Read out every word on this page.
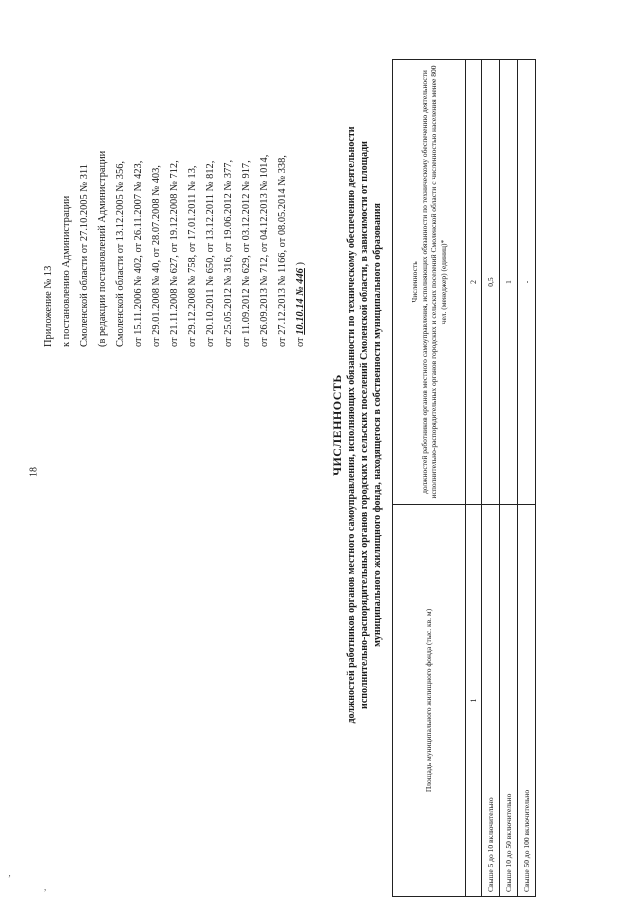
18
‚
,
Приложение № 13 к постановлению Администрации Смоленской области от 27.10.2005 № 311 (в редакции постановлений Администрации Смоленской области от 13.12.2005 № 356, от 15.11.2006 № 402, от 26.11.2007 № 423, от 29.01.2008 № 40, от 28.07.2008 № 403, от 21.11.2008 № 627, от 19.12.2008 № 712, от 29.12.2008 № 758, от 17.01.2011 № 13, от 20.10.2011 № 650, от 13.12.2011 № 812, от 25.05.2012 № 316, от 19.06.2012 № 377, от 11.09.2012 № 629, от 03.12.2012 № 917, от 26.09.2013 № 712, от 04.12.2013 № 1014, от 27.12.2013 № 1166, от 08.05.2014 № 338, от 10.10.14 № 446 )
ЧИСЛЕННОСТЬ должностей работников органов местного самоуправления, исполняющих обязанности по техническому обеспечению деятельности исполнительно-распорядительных органов городских и сельских поселений Смоленской области, в зависимости от площади муниципального жилищного фонда, находящегося в собственности муниципального образования
Площадь муниципального жилищного фонда (тыс. кв. м)	Численность должностей работников органов местного самоуправления, исполняющих обязанности по техническому обеспечению деятельности исполнительно-распорядительных органов городских и сельских поселений Смоленской области с численностью населения менее 800 чел. (менеджер) (единиц)*

1	2
Свыше 5 до 10 включительно	0,5
Свыше 10 до 50 включительно	1
Свыше 50 до 100 включительно	-
